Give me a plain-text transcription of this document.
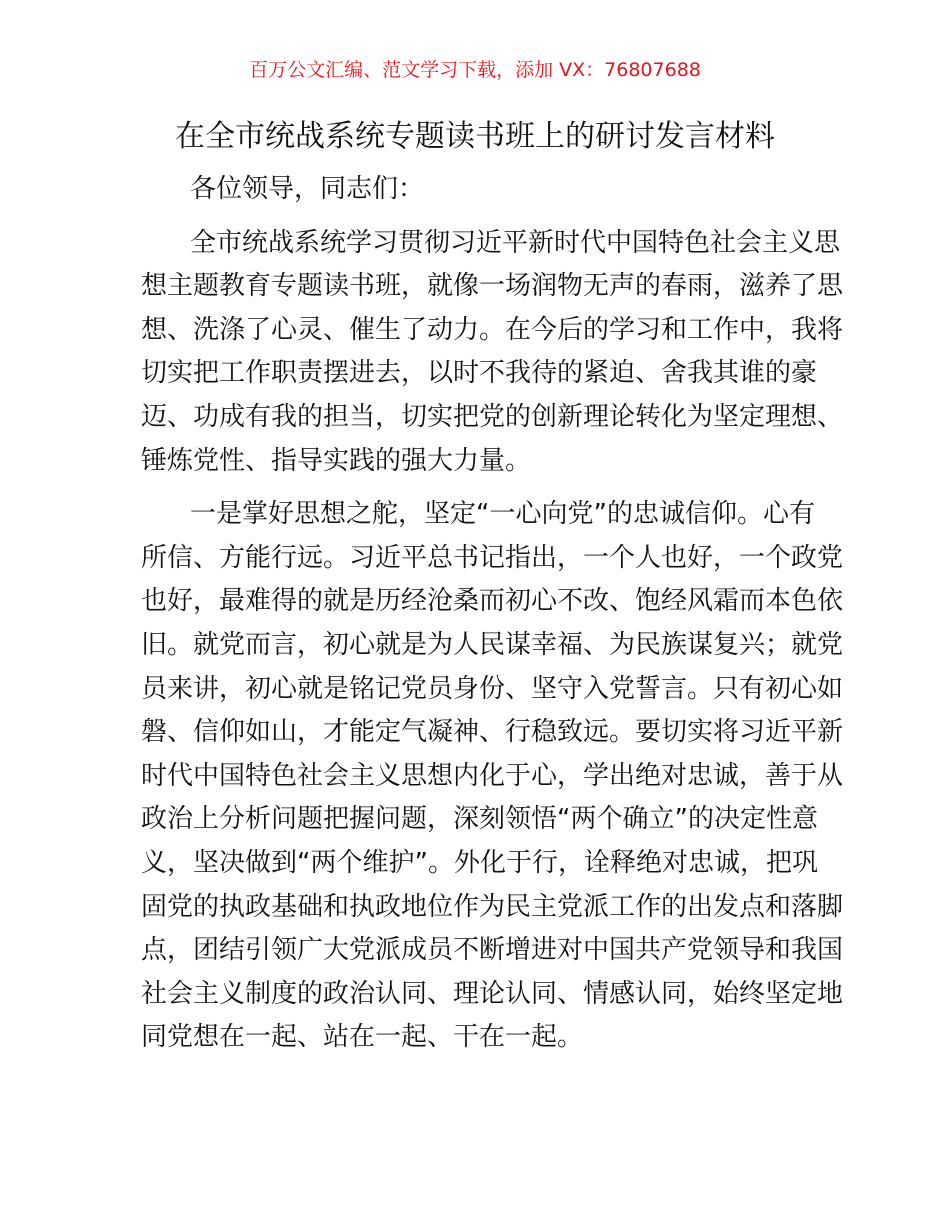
百万公文汇编、范文学习下载，添加 VX：76807688
在全市统战系统专题读书班上的研讨发言材料
各位领导，同志们：
全市统战系统学习贯彻习近平新时代中国特色社会主义思
想主题教育专题读书班，就像一场润物无声的春雨，滋养了思
想、洗涤了心灵、催生了动力。在今后的学习和工作中，我将
切实把工作职责摆进去，以时不我待的紧迫、舍我其谁的豪
迈、功成有我的担当，切实把党的创新理论转化为坚定理想、
锤炼党性、指导实践的强大力量。
一是掌好思想之舵，坚定“一心向党”的忠诚信仰。心有
所信、方能行远。习近平总书记指出，一个人也好，一个政党
也好，最难得的就是历经沧桑而初心不改、饱经风霜而本色依
旧。就党而言，初心就是为人民谋幸福、为民族谋复兴；就党
员来讲，初心就是铭记党员身份、坚守入党誓言。只有初心如
磐、信仰如山，才能定气凝神、行稳致远。要切实将习近平新
时代中国特色社会主义思想内化于心，学出绝对忠诚，善于从
政治上分析问题把握问题，深刻领悟“两个确立”的决定性意
义，坚决做到“两个维护”。外化于行，诠释绝对忠诚，把巩
固党的执政基础和执政地位作为民主党派工作的出发点和落脚
点，团结引领广大党派成员不断增进对中国共产党领导和我国
社会主义制度的政治认同、理论认同、情感认同，始终坚定地
同党想在一起、站在一起、干在一起。
